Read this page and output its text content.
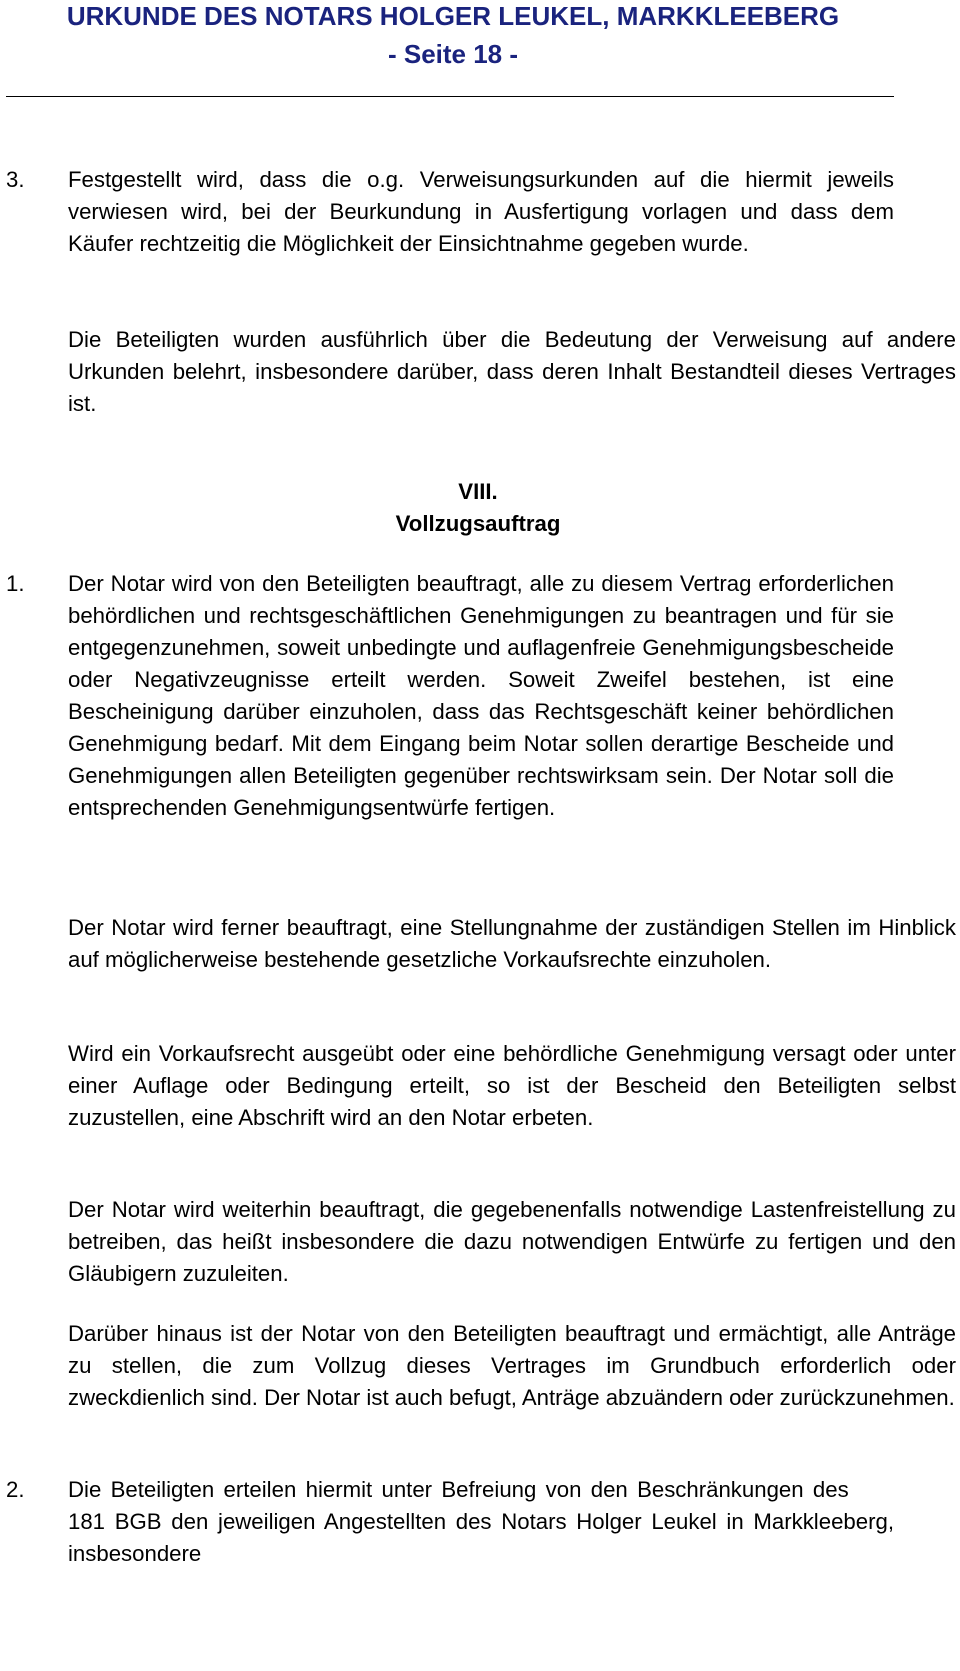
URKUNDE DES NOTARS HOLGER LEUKEL, MARKKLEEBERG
- Seite 18 -
3.	Festgestellt wird, dass die o.g. Verweisungsurkunden auf die hiermit jeweils verwiesen wird, bei der Beurkundung in Ausfertigung vorlagen und dass dem Käufer rechtzeitig die Möglichkeit der Einsichtnahme gegeben wurde.
Die Beteiligten wurden ausführlich über die Bedeutung der Verweisung auf andere Urkunden belehrt, insbesondere darüber, dass deren Inhalt Bestandteil dieses Vertrages ist.
VIII.
Vollzugsauftrag
1.	Der Notar wird von den Beteiligten beauftragt, alle zu diesem Vertrag erforderlichen behördlichen und rechtsgeschäftlichen Genehmigungen zu beantragen und für sie entgegenzunehmen, soweit unbedingte und auflagenfreie Genehmigungsbescheide oder Negativzeugnisse erteilt werden. Soweit Zweifel bestehen, ist eine Bescheinigung darüber einzuholen, dass das Rechtsgeschäft keiner behördlichen Genehmigung bedarf. Mit dem Eingang beim Notar sollen derartige Bescheide und Genehmigungen allen Beteiligten gegenüber rechtswirksam sein. Der Notar soll die entsprechenden Genehmigungsentwürfe fertigen.
Der Notar wird ferner beauftragt, eine Stellungnahme der zuständigen Stellen im Hinblick auf möglicherweise bestehende gesetzliche Vorkaufsrechte einzuholen.
Wird ein Vorkaufsrecht ausgeübt oder eine behördliche Genehmigung versagt oder unter einer Auflage oder Bedingung erteilt, so ist der Bescheid den Beteiligten selbst zuzustellen, eine Abschrift wird an den Notar erbeten.
Der Notar wird weiterhin beauftragt, die gegebenenfalls notwendige Lastenfreistellung zu betreiben, das heißt insbesondere die dazu notwendigen Entwürfe zu fertigen und den Gläubigern zuzuleiten.
Darüber hinaus ist der Notar von den Beteiligten beauftragt und ermächtigt, alle Anträge zu stellen, die zum Vollzug dieses Vertrages im Grundbuch erforderlich oder zweckdienlich sind. Der Notar ist auch befugt, Anträge abzuändern oder zurückzunehmen.
2.	Die Beteiligten erteilen hiermit unter Befreiung von den Beschränkungen des 181 BGB den jeweiligen Angestellten des Notars Holger Leukel in Markkleeberg, insbesondere
